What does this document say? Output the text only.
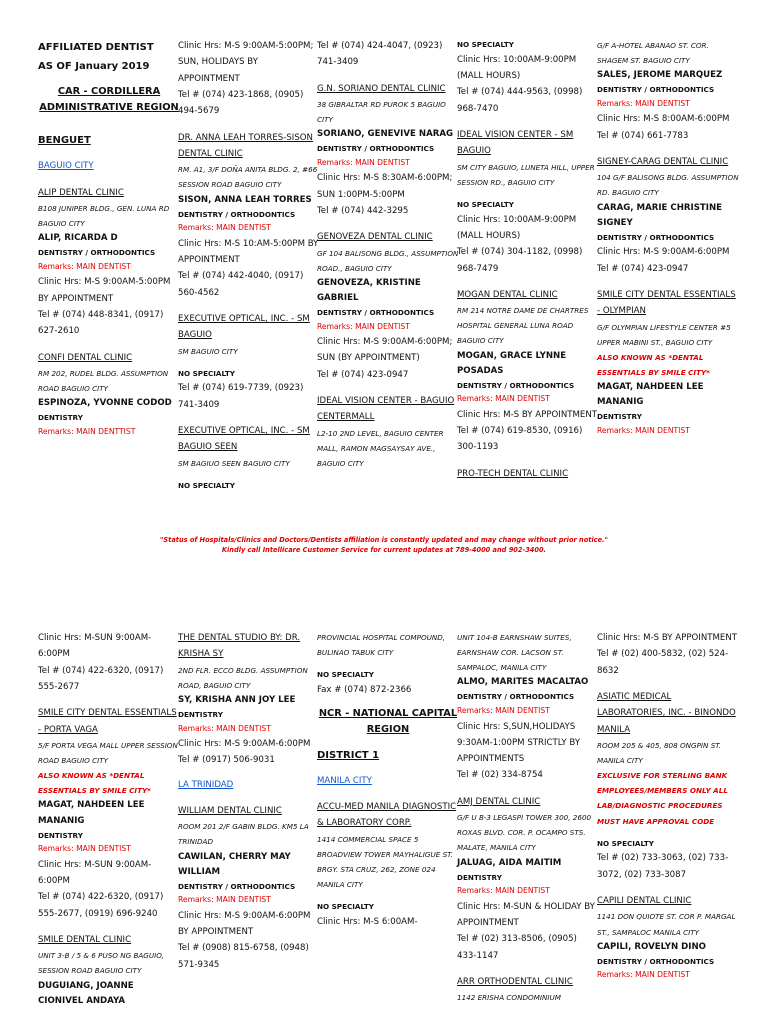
AFFILIATED DENTIST
AS OF January 2019
CAR - CORDILLERA ADMINISTRATIVE REGION
BENGUET
BAGUIO CITY
ALIP DENTAL CLINIC
B108 JUNIPER BLDG., GEN. LUNA RD BAGUIO CITY
ALIP, RICARDA D
DENTISTRY / ORTHODONTICS
Remarks: MAIN DENTIST
Clinic Hrs: M-S 9:00AM-5:00PM BY APPOINTMENT
Tel # (074) 448-8341, (0917) 627-2610
CONFI DENTAL CLINIC
RM 202, RUDEL BLDG. ASSUMPTION ROAD BAGUIO CITY
ESPINOZA, YVONNE CODOD
DENTISTRY
Remarks: MAIN DENTTIST
Clinic Hrs: M-S 9:00AM-5:00PM; SUN, HOLIDAYS BY APPOINTMENT
Tel # (074) 423-1868, (0905) 494-5679
DR. ANNA LEAH TORRES-SISON DENTAL CLINIC
RM. A1, 3/F DOÑA ANITA BLDG. 2, #66 SESSION ROAD BAGUIO CITY
SISON, ANNA LEAH TORRES
DENTISTRY / ORTHODONTICS
Remarks: MAIN DENTIST
Clinic Hrs: M-S 10:AM-5:00PM BY APPOINTMENT
Tel # (074) 442-4040, (0917) 560-4562
EXECUTIVE OPTICAL, INC. - SM BAGUIO
SM BAGUIO CITY
NO SPECIALTY
Tel # (074) 619-7739, (0923) 741-3409
EXECUTIVE OPTICAL, INC. - SM BAGUIO SEEN
SM BAGIUO SEEN BAGUIO CITY
NO SPECIALTY
Tel # (074) 424-4047, (0923) 741-3409
G.N. SORIANO DENTAL CLINIC
38 GIBRALTAR RD PUROK 5 BAGUIO CITY
SORIANO, GENEVIVE NARAG
DENTISTRY / ORTHODONTICS
Remarks: MAIN DENTIST
Clinic Hrs: M-S 8:30AM-6:00PM; SUN 1:00PM-5:00PM
Tel # (074) 442-3295
GENOVEZA DENTAL CLINIC
GF 104 BALISONG BLDG., ASSUMPTION ROAD., BAGUIO CITY
GENOVEZA, KRISTINE GABRIEL
DENTISTRY / ORTHODONTICS
Remarks: MAIN DENTIST
Clinic Hrs: M-S 9:00AM-6:00PM; SUN (BY APPOINTMENT)
Tel # (074) 423-0947
IDEAL VISION CENTER - BAGUIO CENTERMALL
L2-10 2ND LEVEL, BAGUIO CENTER MALL, RAMON MAGSAYSAY AVE., BAGUIO CITY
NO SPECIALTY
Clinic Hrs: 10:00AM-9:00PM (MALL HOURS)
Tel # (074) 444-9563, (0998) 968-7470
IDEAL VISION CENTER - SM BAGUIO
SM CITY BAGUIO, LUNETA HILL, UPPER SESSION RD., BAGUIO CITY
NO SPECIALTY
Clinic Hrs: 10:00AM-9:00PM (MALL HOURS)
Tel # (074) 304-1182, (0998) 968-7479
MOGAN DENTAL CLINIC
RM 214 NOTRE DAME DE CHARTRES HOSPITAL GENERAL LUNA ROAD BAGUIO CITY
MOGAN, GRACE LYNNE POSADAS
DENTISTRY / ORTHODONTICS
Remarks: MAIN DENTIST
Clinic Hrs: M-S BY APPOINTMENT
Tel # (074) 619-8530, (0916) 300-1193
PRO-TECH DENTAL CLINIC
G/F A-HOTEL ABANAO ST. COR. SHAGEM ST. BAGUIO CITY
SALES, JEROME MARQUEZ
DENTISTRY / ORTHODONTICS
Remarks: MAIN DENTIST
Clinic Hrs: M-S 8:00AM-6:00PM
Tel # (074) 661-7783
SIGNEY-CARAG DENTAL CLINIC
104 G/F BALISONG BLDG. ASSUMPTION RD. BAGUIO CITY
CARAG, MARIE CHRISTINE SIGNEY
DENTISTRY / ORTHODONTICS
Clinic Hrs: M-S 9:00AM-6:00PM
Tel # (074) 423-0947
SMILE CITY DENTAL ESSENTIALS - OLYMPIAN
G/F OLYMPIAN LIFESTYLE CENTER #5 UPPER MABINI ST., BAGUIO CITY
ALSO KNOWN AS *DENTAL ESSENTIALS BY SMILE CITY*
MAGAT, NAHDEEN LEE MANANIG
DENTISTRY
Remarks: MAIN DENTIST
"Status of Hospitals/Clinics and Doctors/Dentists affiliation is constantly updated and may change without prior notice."
Kindly call Intellicare Customer Service for current updates at 789-4000 and 902-3400.
Clinic Hrs: M-SUN 9:00AM-6:00PM
Tel # (074) 422-6320, (0917) 555-2677
SMILE CITY DENTAL ESSENTIALS - PORTA VAGA
5/F PORTA VEGA MALL UPPER SESSION ROAD BAGUIO CITY
ALSO KNOWN AS *DENTAL ESSENTIALS BY SMILE CITY*
MAGAT, NAHDEEN LEE MANANIG
DENTISTRY
Remarks: MAIN DENTIST
Clinic Hrs: M-SUN 9:00AM-6:00PM
Tel # (074) 422-6320, (0917) 555-2677, (0919) 696-9240
SMILE DENTAL CLINIC
UNIT 3-B / 5 & 6 PUSO NG BAGUIO, SESSION ROAD BAGUIO CITY
DUGUIANG, JOANNE CIONIVEL ANDAYA
THE DENTAL STUDIO BY: DR. KRISHA SY
2ND FLR. ECCO BLDG. ASSUMPTION ROAD, BAGUIO CITY
SY, KRISHA ANN JOY LEE
DENTISTRY
Remarks: MAIN DENTIST
Clinic Hrs: M-S 9:00AM-6:00PM
Tel # (0917) 506-9031
LA TRINIDAD
WILLIAM DENTAL CLINIC
ROOM 201 2/F GABIN BLDG. KM5 LA TRINIDAD
CAWILAN, CHERRY MAY WILLIAM
DENTISTRY / ORTHODONTICS
Remarks: MAIN DENTIST
Clinic Hrs: M-S 9:00AM-6:00PM BY APPOINTMENT
Tel # (0908) 815-6758, (0948) 571-9345
PROVINCIAL HOSPITAL COMPOUND, BULINAO TABUK CITY
NO SPECIALTY
Fax # (074) 872-2366
NCR - NATIONAL CAPITAL REGION
DISTRICT 1
MANILA CITY
ACCU-MED MANILA DIAGNOSTIC & LABORATORY CORP.
1414 COMMERCIAL SPACE 5 BROADVIEW TOWER MAYHALIGUE ST. BRGY. STA CRUZ, 262, ZONE 024 MANILA CITY
NO SPECIALTY
Clinic Hrs: M-S 6:00AM-
UNIT 104-B EARNSHAW SUITES, EARNSHAW COR. LACSON ST. SAMPALOC, MANILA CITY
ALMO, MARITES MACALTAO
DENTISTRY / ORTHODONTICS
Remarks: MAIN DENTIST
Clinic Hrs: S,SUN,HOLIDAYS 9:30AM-1:00PM STRICTLY BY APPOINTMENTS
Tel # (02) 334-8754
AMJ DENTAL CLINIC
G/F U B-3 LEGASPI TOWER 300, 2600 ROXAS BLVD. COR. P. OCAMPO STS. MALATE, MANILA CITY
JALUAG, AIDA MAITIM
DENTISTRY
Remarks: MAIN DENTIST
Clinic Hrs: M-SUN & HOLIDAY BY APPOINTMENT
Tel # (02) 313-8506, (0905) 433-1147
ARR ORTHODENTAL CLINIC
1142 ERISHA CONDOMINIUM
Clinic Hrs: M-S BY APPOINTMENT
Tel # (02) 400-5832, (02) 524-8632
ASIATIC MEDICAL LABORATORIES, INC. - BINONDO MANILA
ROOM 205 & 405, 808 ONGPIN ST. MANILA CITY
EXCLUSIVE FOR STERLING BANK EMPLOYEES/MEMBERS ONLY ALL LAB/DIAGNOSTIC PROCEDURES MUST HAVE APPROVAL CODE
NO SPECIALTY
Tel # (02) 733-3063, (02) 733-3072, (02) 733-3087
CAPILI DENTAL CLINIC
1141 DON QUIOTE ST. COR P. MARGAL ST., SAMPALOC MANILA CITY
CAPILI, ROVELYN DINO
DENTISTRY / ORTHODONTICS
Remarks: MAIN DENTIST
